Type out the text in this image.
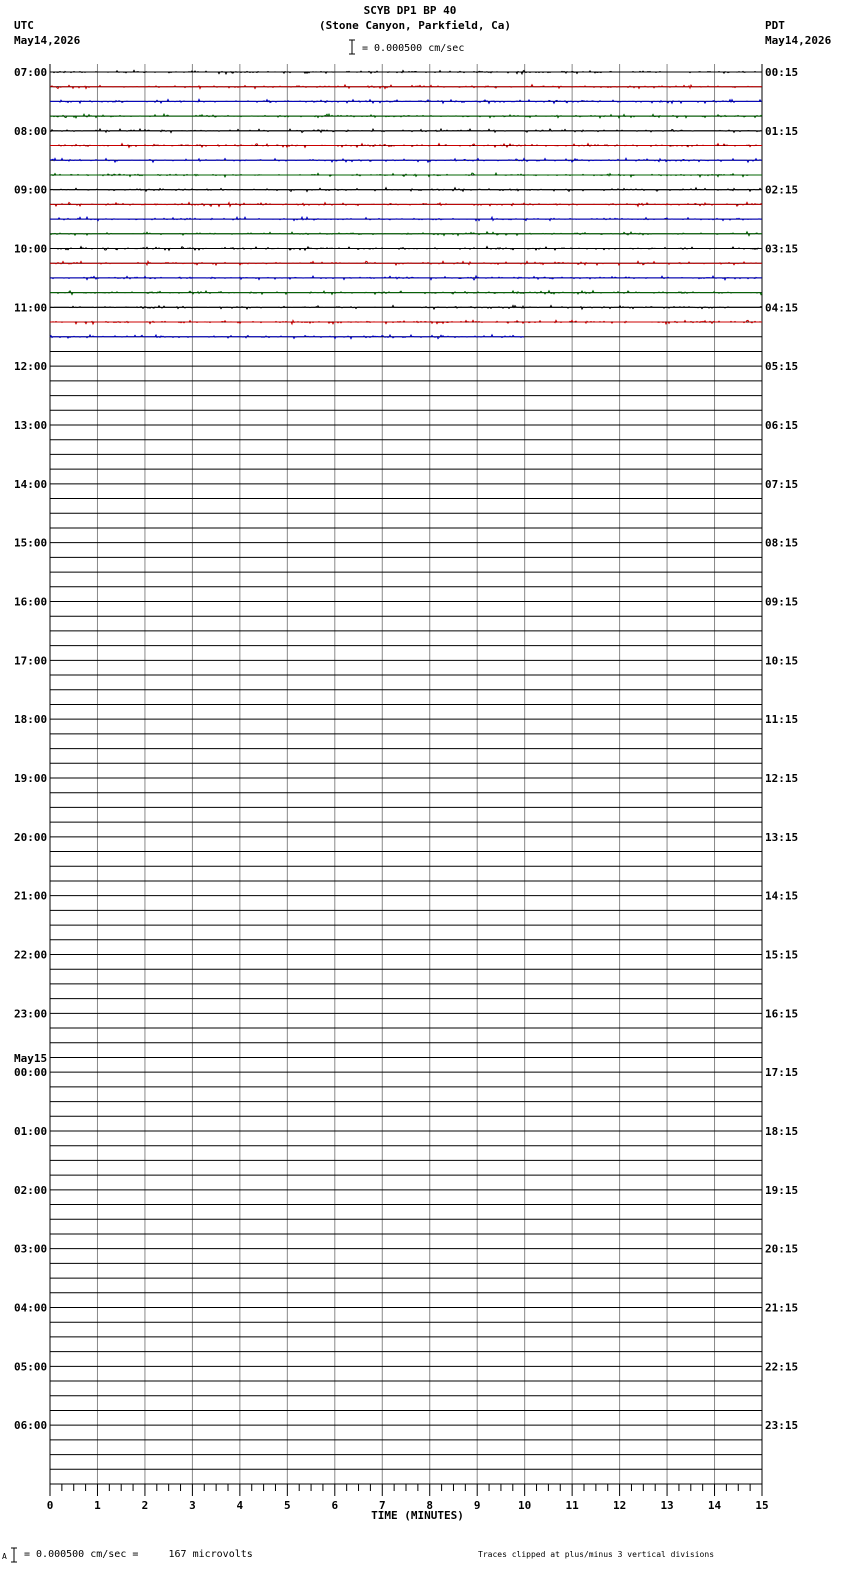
0	1	2	3	4	5	6	7	8	9	10	11	12	13	14	15
07:00
08:00
09:00
10:00
11:00
12:00
13:00
14:00
15:00
16:00
17:00
18:00
19:00
20:00
21:00
22:00
23:00
00:00
01:00
02:00
03:00
04:00
05:00
06:00
00:15
01:15
02:15
03:15
04:15
05:15
06:15
07:15
08:15
09:15
10:15
11:15
12:15
13:15
14:15
15:15
16:15
17:15
18:15
19:15
20:15
21:15
22:15
23:15
May15
SCYB DP1 BP 40
(Stone Canyon, Parkfield, Ca)
UTC
May14,2026
PDT
May14,2026
= 0.000500 cm/sec
A = 0.000500 cm/sec =     167 microvolts	Traces clipped at plus/minus 3 vertical divisions
TIME (MINUTES)
